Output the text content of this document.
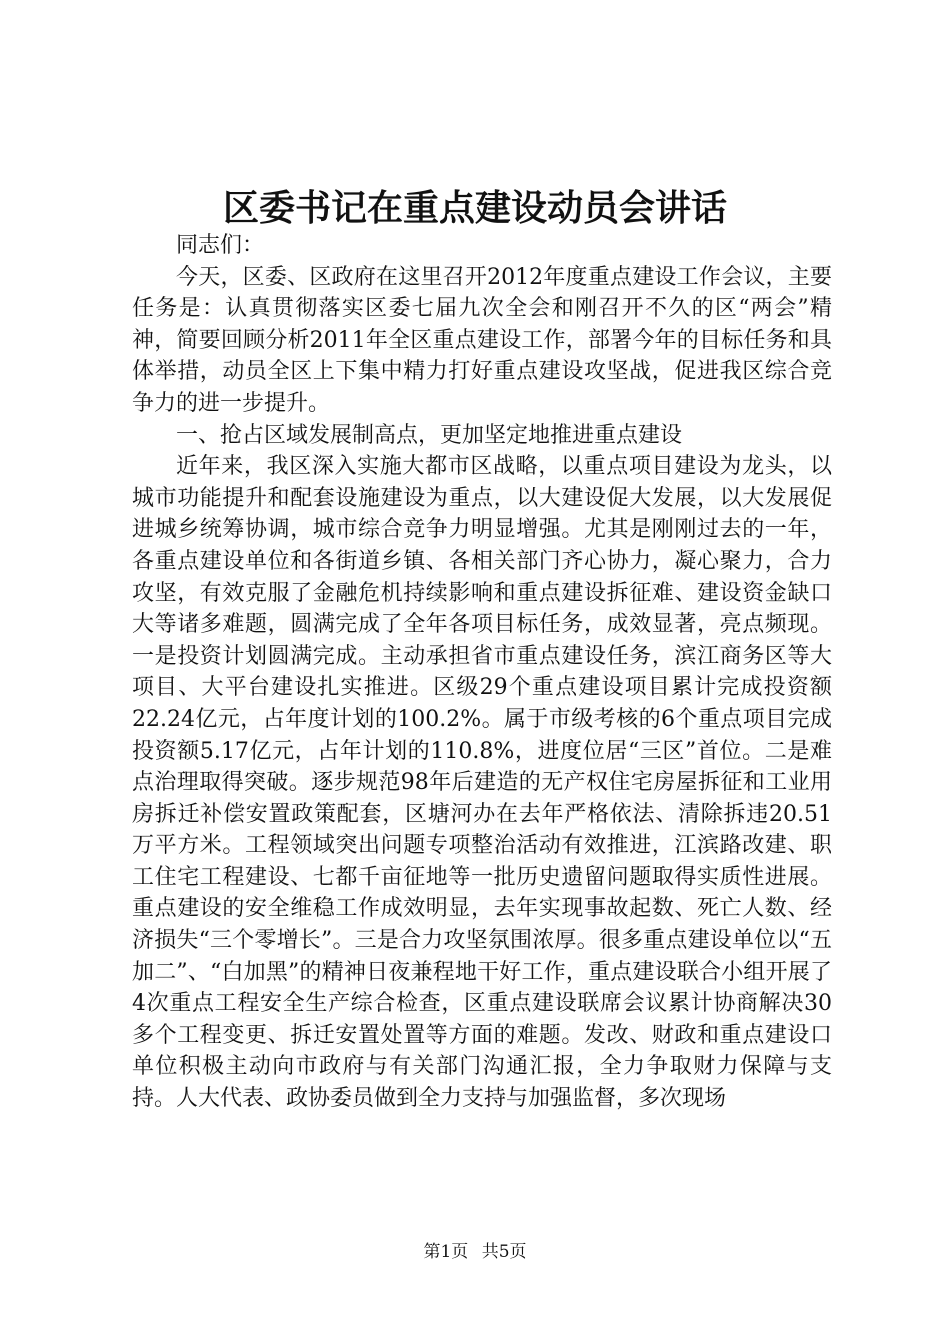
区委书记在重点建设动员会讲话

同志们：

今天，区委、区政府在这里召开2012年度重点建设工作会议，主要任务是：认真贯彻落实区委七届九次全会和刚召开不久的区“两会”精神，简要回顾分析2011年全区重点建设工作，部署今年的目标任务和具体举措，动员全区上下集中精力打好重点建设攻坚战，促进我区综合竞争力的进一步提升。

一、抢占区域发展制高点，更加坚定地推进重点建设

近年来，我区深入实施大都市区战略，以重点项目建设为龙头，以城市功能提升和配套设施建设为重点，以大建设促大发展，以大发展促进城乡统筹协调，城市综合竞争力明显增强。尤其是刚刚过去的一年，各重点建设单位和各街道乡镇、各相关部门齐心协力，凝心聚力，合力攻坚，有效克服了金融危机持续影响和重点建设拆征难、建设资金缺口大等诸多难题，圆满完成了全年各项目标任务，成效显著，亮点频现。一是投资计划圆满完成。主动承担省市重点建设任务，滨江商务区等大项目、大平台建设扎实推进。区级29个重点建设项目累计完成投资额22.24亿元，占年度计划的100.2%。属于市级考核的6个重点项目完成投资额5.17亿元，占年计划的110.8%，进度位居“三区”首位。二是难点治理取得突破。逐步规范98年后建造的无产权住宅房屋拆征和工业用房拆迁补偿安置政策配套，区塘河办在去年严格依法、清除拆违20.51万平方米。工程领域突出问题专项整治活动有效推进，江滨路改建、职工住宅工程建设、七都千亩征地等一批历史遗留问题取得实质性进展。重点建设的安全维稳工作成效明显，去年实现事故起数、死亡人数、经济损失“三个零增长”。三是合力攻坚氛围浓厚。很多重点建设单位以“五加二”、“白加黑”的精神日夜兼程地干好工作，重点建设联合小组开展了4次重点工程安全生产综合检查，区重点建设联席会议累计协商解决30多个工程变更、拆迁安置处置等方面的难题。发改、财政和重点建设口单位积极主动向市政府与有关部门沟通汇报，全力争取财力保障与支持。人大代表、政协委员做到全力支持与加强监督，多次现场

第1页 共5页
